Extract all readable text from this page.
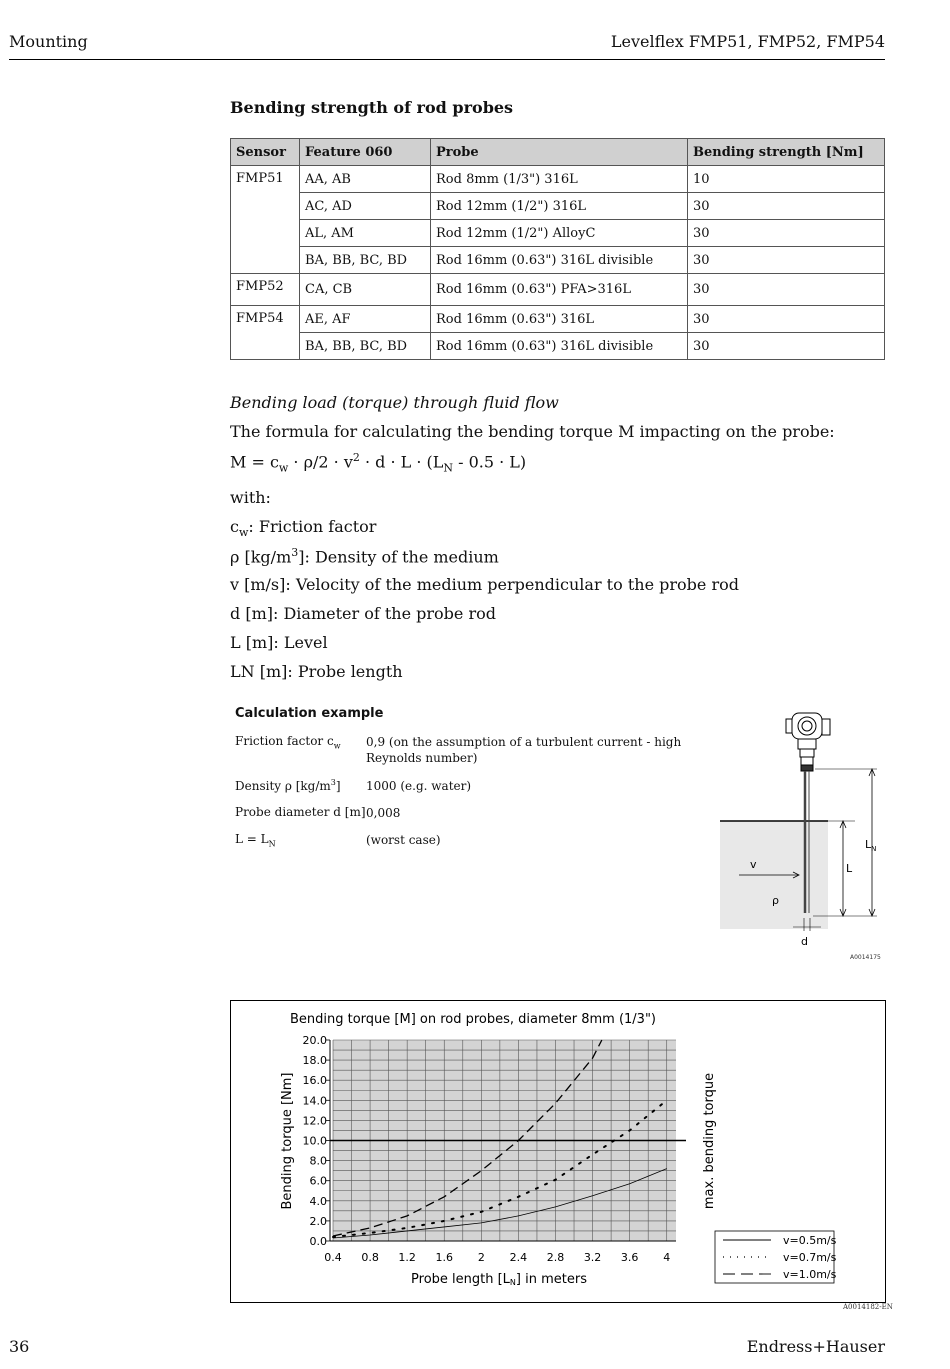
Mounting	Levelflex FMP51, FMP52, FMP54
Bending strength of rod probes
Sensor	Feature 060	Probe	Bending strength [Nm]
FMP51	AA, AB	Rod 8mm (1/3") 316L	10
	AC, AD	Rod 12mm (1/2") 316L	30
	AL, AM	Rod 12mm (1/2") AlloyC	30
	BA, BB, BC, BD	Rod 16mm (0.63") 316L divisible	30
FMP52	CA, CB	Rod 16mm (0.63") PFA>316L	30
FMP54	AE, AF	Rod 16mm (0.63") 316L	30
	BA, BB, BC, BD	Rod 16mm (0.63") 316L divisible	30
Bending load (torque) through fluid flow
The formula for calculating the bending torque M impacting on the probe:
$M = c_w \cdot \rho/2 \cdot v^2 \cdot d \cdot L \cdot (L_N - 0.5 \cdot L)$
with:
$c_w$: Friction factor
ρ $[kg/m^3]$: Density of the medium
v [m/s]: Velocity of the medium perpendicular to the probe rod
d [m]: Diameter of the probe rod
L [m]: Level
LN [m]: Probe length
Calculation example
Friction factor $c_w$ 0,9 (on the assumption of a turbulent current - high Reynolds number)
Density ρ $[kg/m^3]$ 1000 (e.g. water)
Probe diameter d [m] 0,008
$L = L_N$	(worst case)	$L_N$
L
v
ρ
d
A0014175
Bending torque [M] on rod probes, diameter 8mm (1/3")
0.0
2.0
4.0
6.0
8.0
10.0
12.0
14.0
16.0
18.0
20.0
0.4 0.8 1.2 1.6 2 2.4 2.8 3.2 3.6 4
Bending torque [Nm]	max. bending torque
Probe length [LN] in meters
v=0.5m/s
v=0.7m/s
v=1.0m/s
A0014182-EN
36	Endress+Hauser
